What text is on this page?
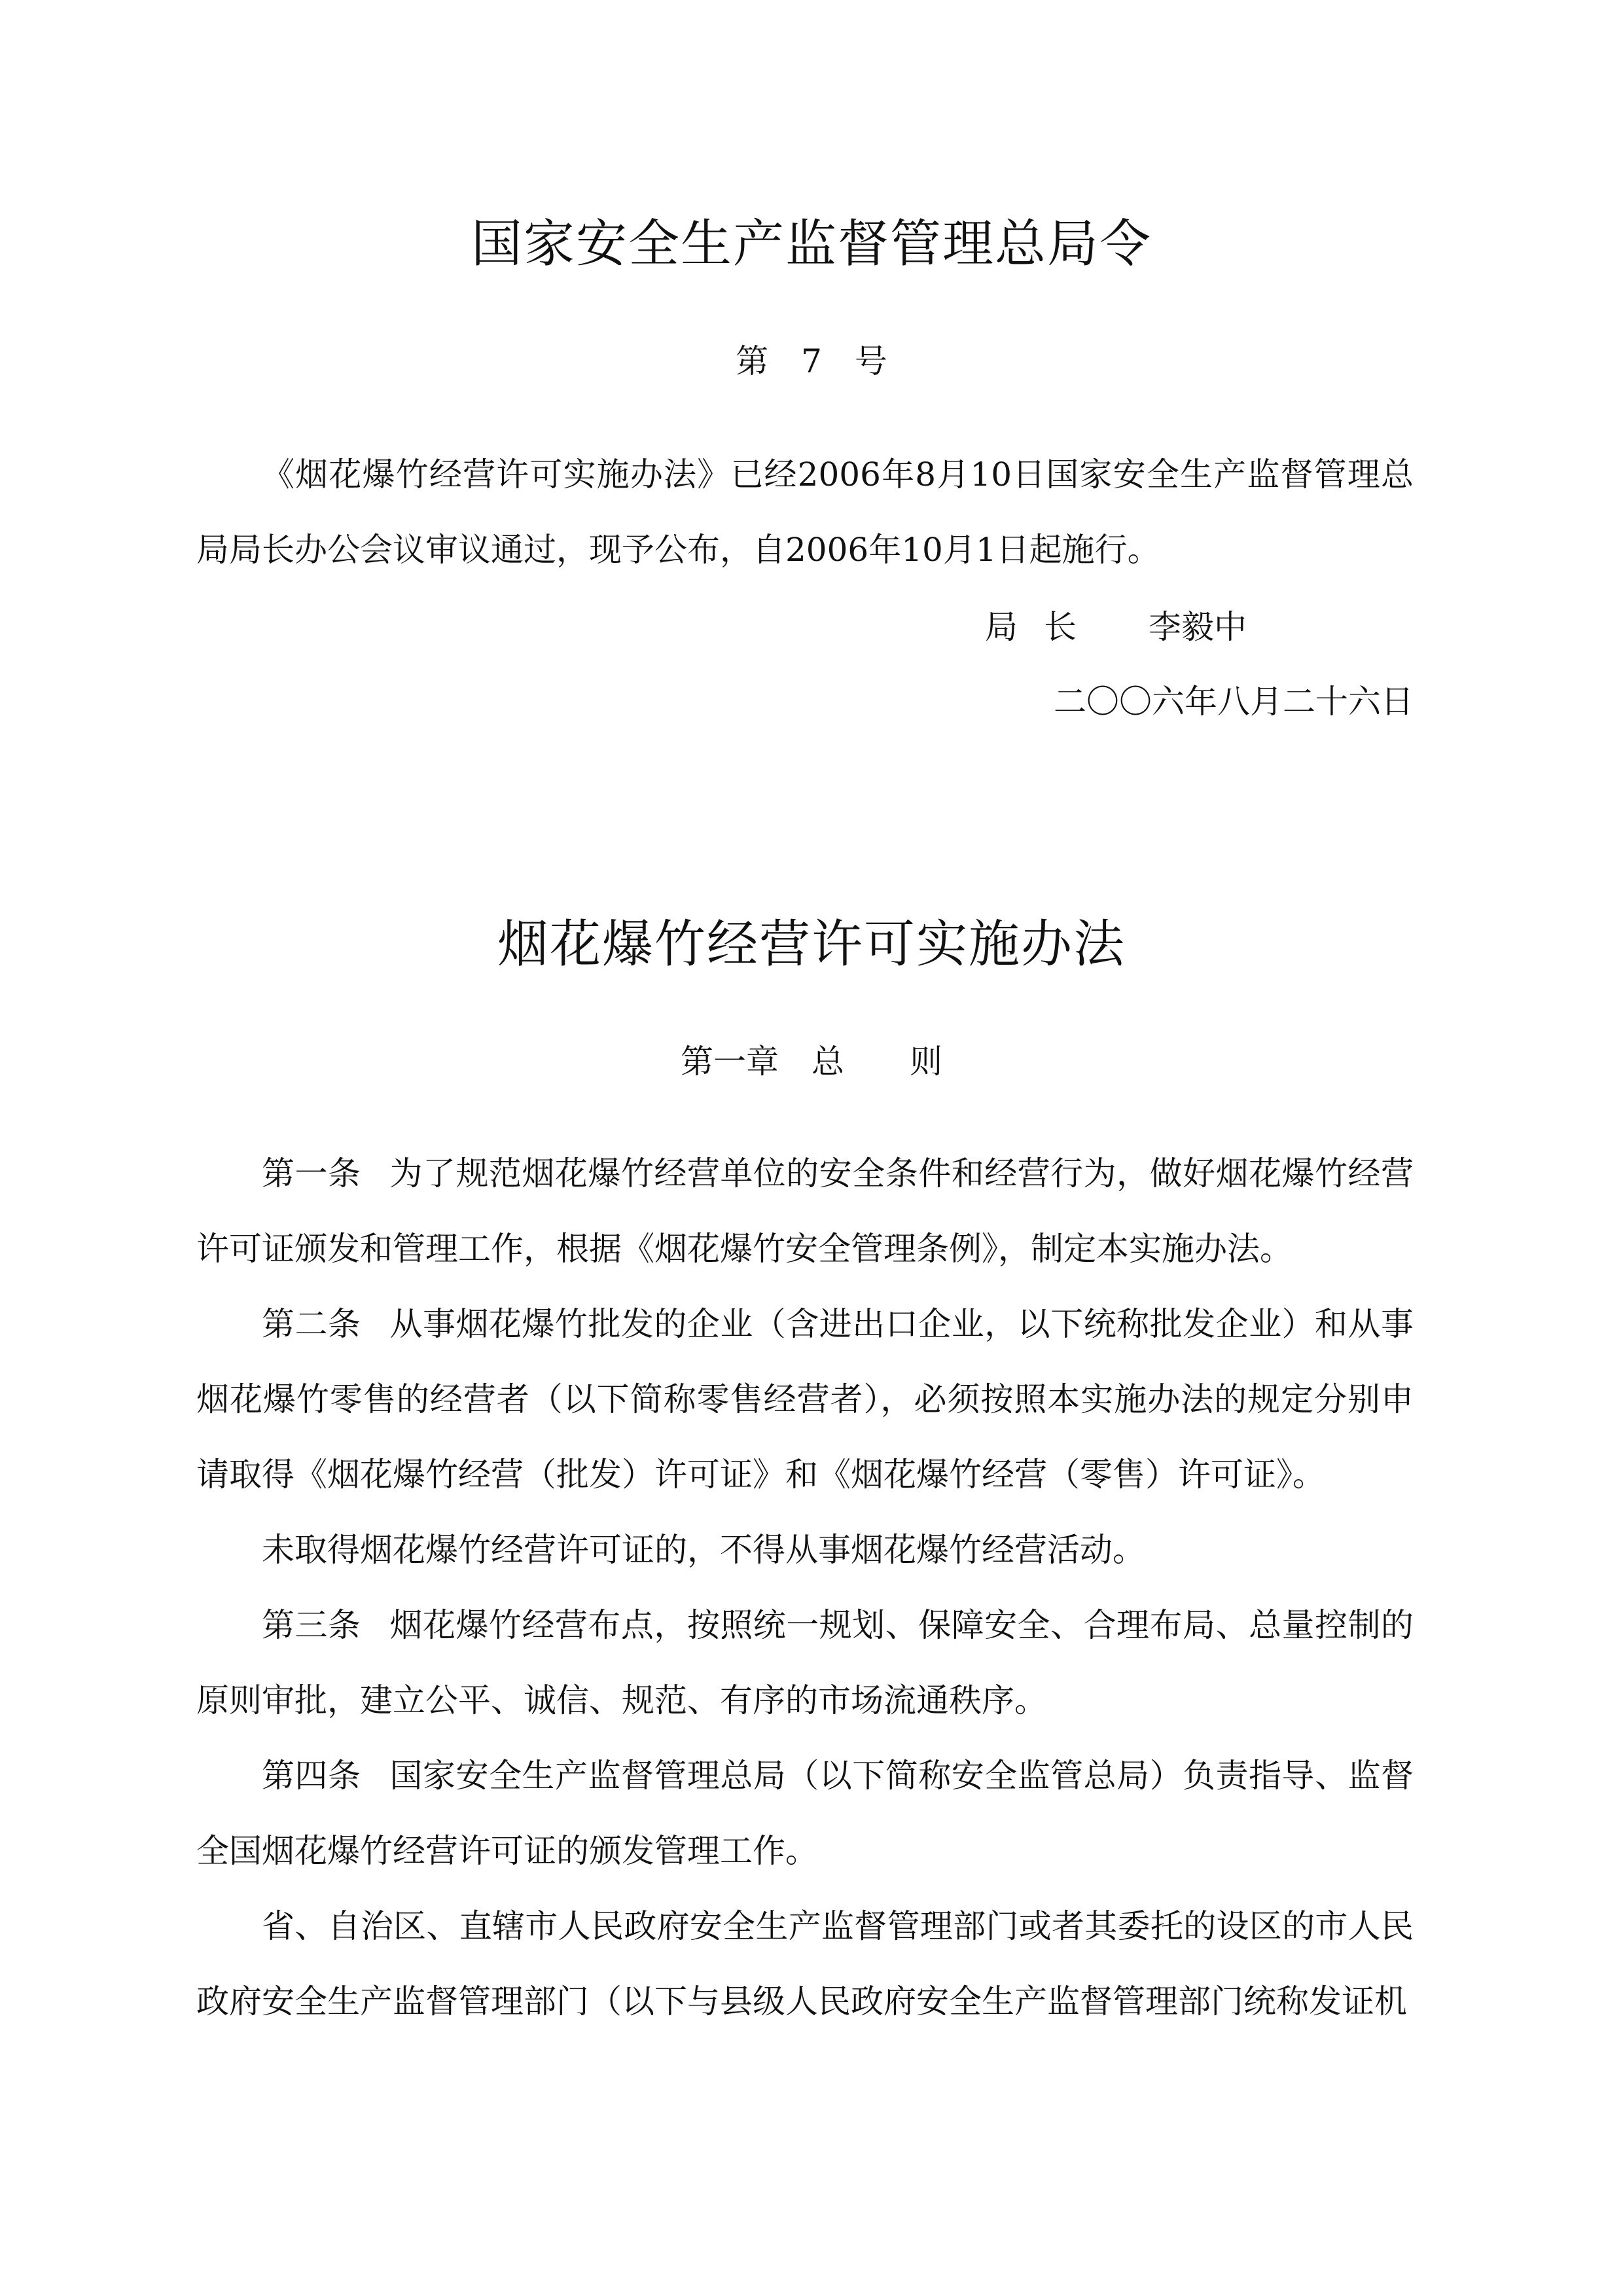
国家安全生产监督管理总局令
第　7　号

《烟花爆竹经营许可实施办法》已经2006年8月10日国家安全生产监督管理总局局长办公会议审议通过，现予公布，自2006年10月1日起施行。

局长 李毅中
二〇〇六年八月二十六日
烟花爆竹经营许可实施办法
第一章　总　　则

第一条 为了规范烟花爆竹经营单位的安全条件和经营行为，做好烟花爆竹经营许可证颁发和管理工作，根据《烟花爆竹安全管理条例》，制定本实施办法。

第二条 从事烟花爆竹批发的企业（含进出口企业，以下统称批发企业）和从事烟花爆竹零售的经营者（以下简称零售经营者），必须按照本实施办法的规定分别申请取得《烟花爆竹经营（批发）许可证》和《烟花爆竹经营（零售）许可证》。

未取得烟花爆竹经营许可证的，不得从事烟花爆竹经营活动。

第三条 烟花爆竹经营布点，按照统一规划、保障安全、合理布局、总量控制的原则审批，建立公平、诚信、规范、有序的市场流通秩序。

第四条 国家安全生产监督管理总局（以下简称安全监管总局）负责指导、监督全国烟花爆竹经营许可证的颁发管理工作。

省、自治区、直辖市人民政府安全生产监督管理部门或者其委托的设区的市人民政府安全生产监督管理部门（以下与县级人民政府安全生产监督管理部门统称发证机
